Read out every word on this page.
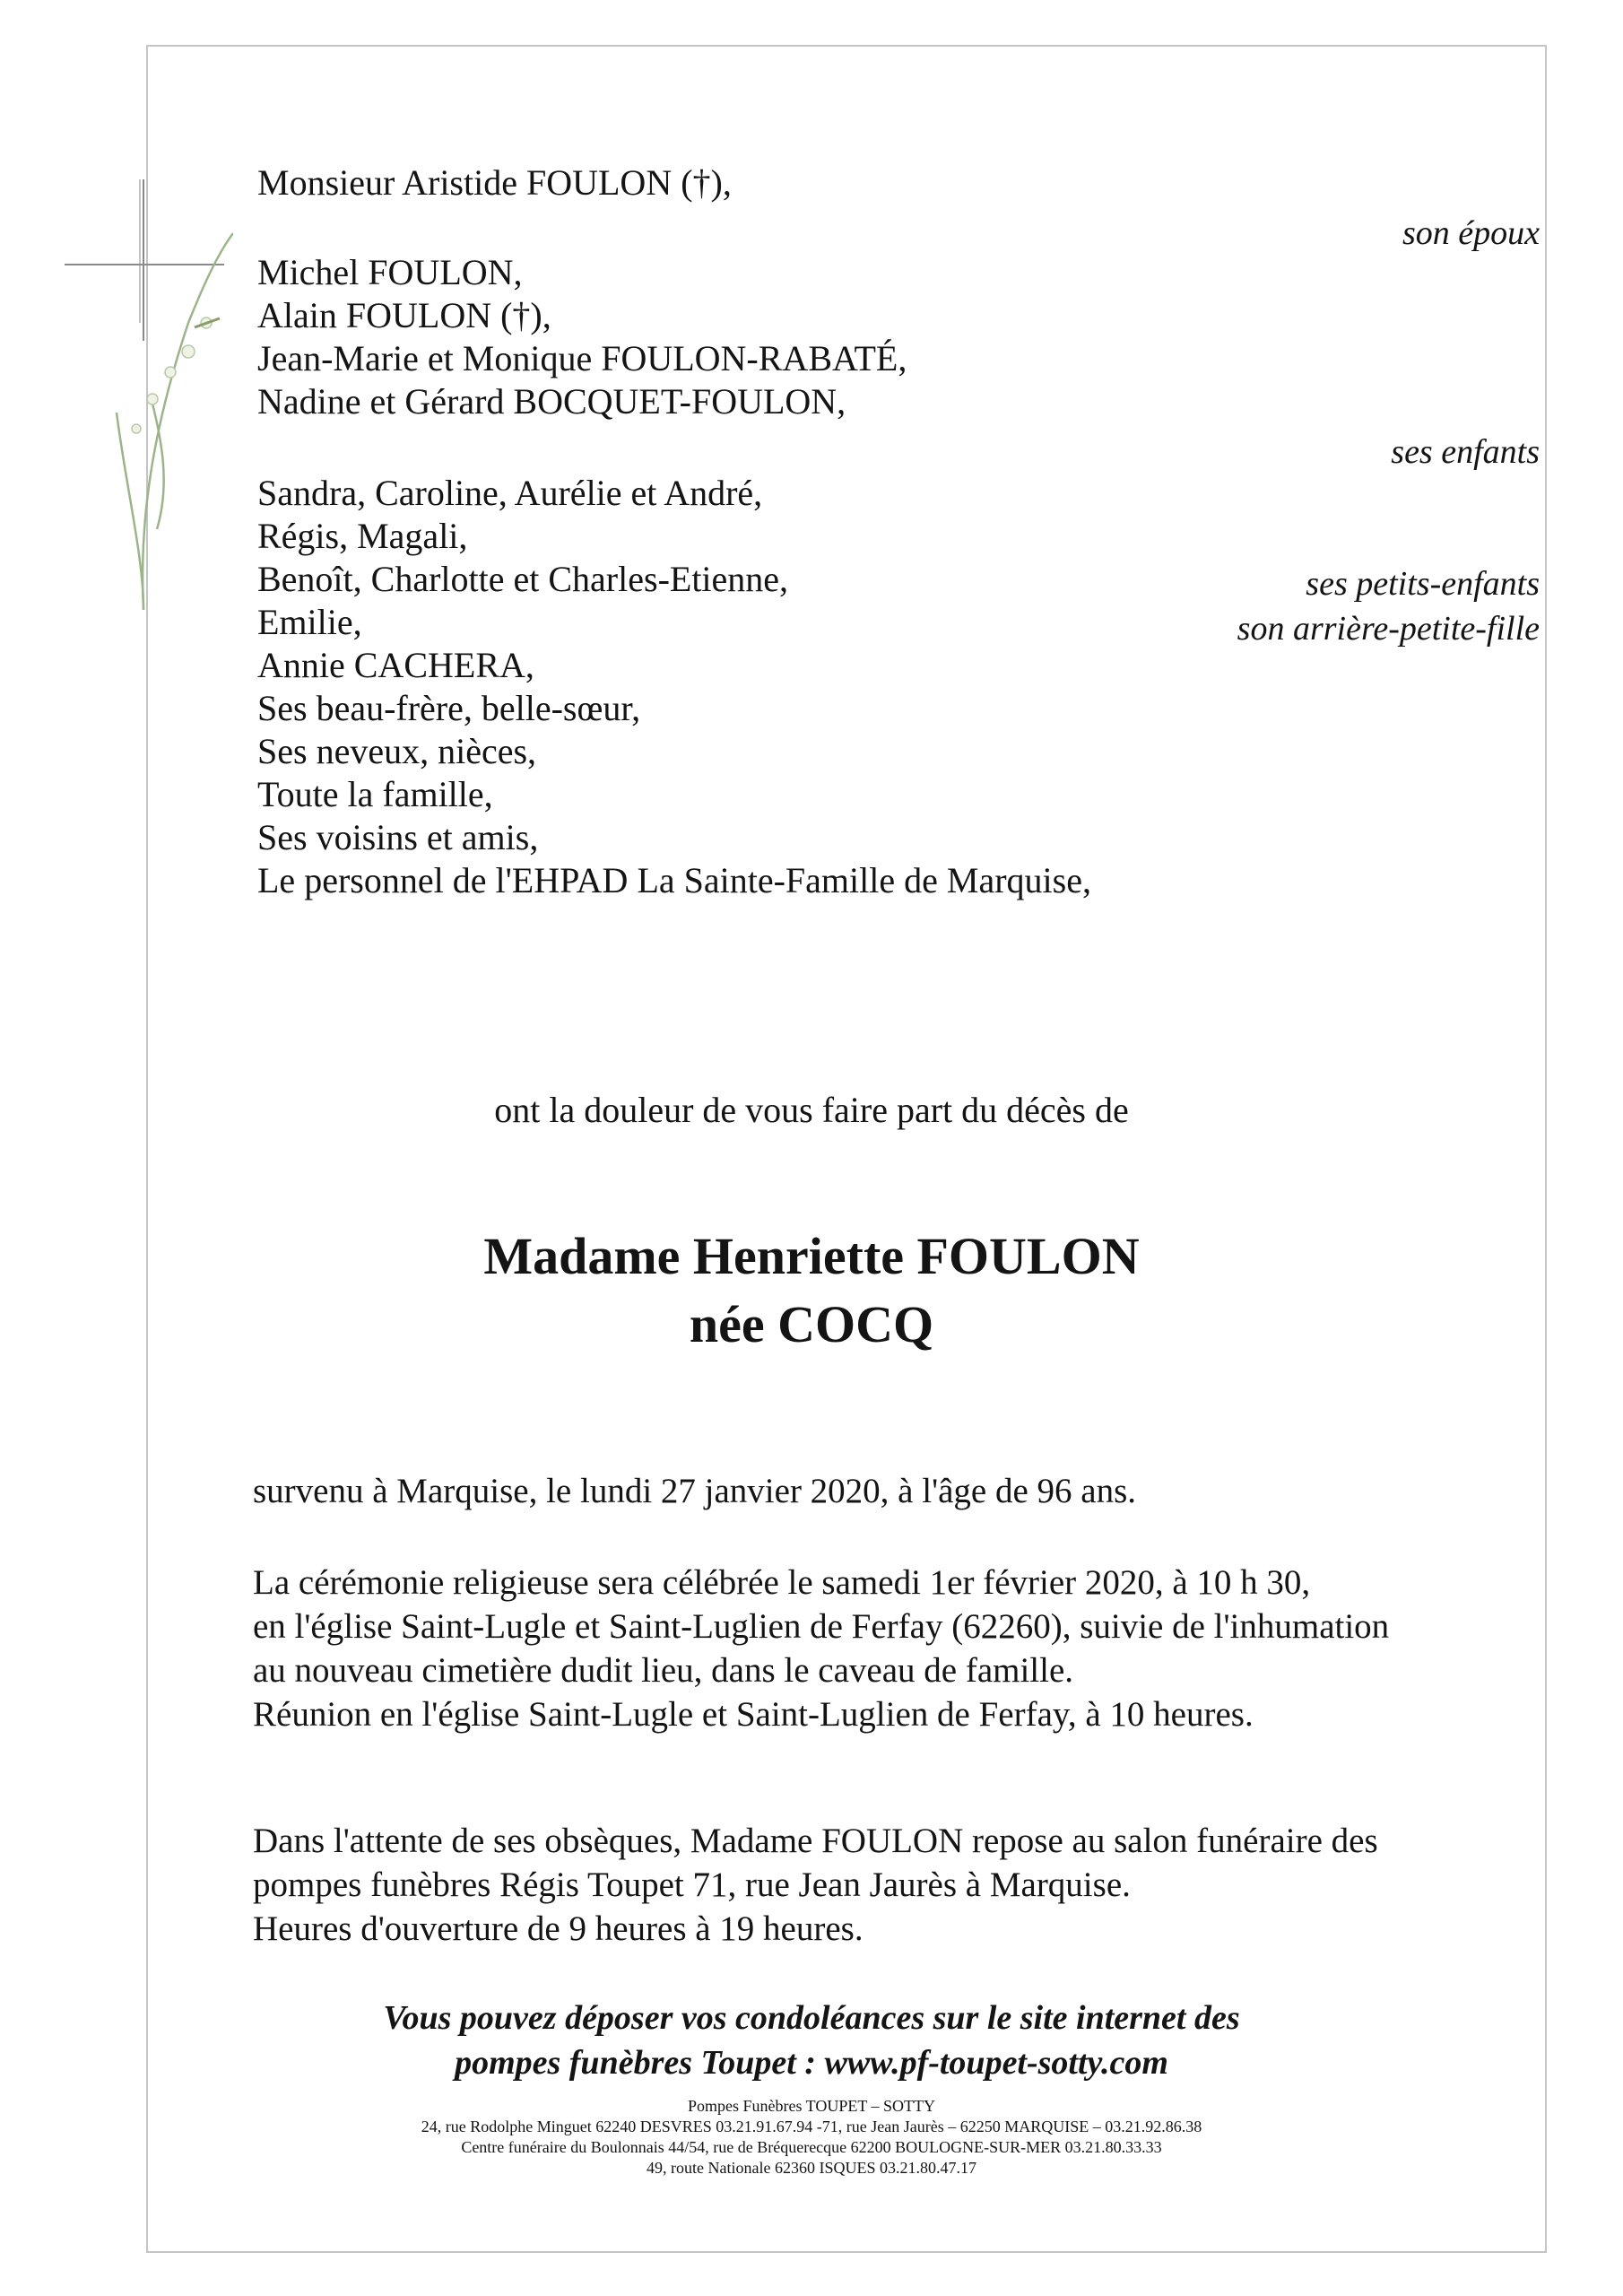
Monsieur Aristide FOULON (†),
Michel FOULON,
Alain FOULON (†),
Jean-Marie et Monique FOULON-RABATÉ,
Nadine et Gérard BOCQUET-FOULON,
Sandra, Caroline, Aurélie et André,
Régis, Magali,
Benoît, Charlotte et Charles-Etienne,
Emilie,
Annie CACHERA,
Ses beau-frère, belle-sœur,
Ses neveux, nièces,
Toute la famille,
Ses voisins et amis,
Le personnel de l'EHPAD La Sainte-Famille de Marquise,
son époux
ses enfants
ses petits-enfants
son arrière-petite-fille
ont la douleur de vous faire part du décès de
Madame Henriette FOULON
née COCQ
survenu à Marquise, le lundi 27 janvier 2020, à l'âge de 96 ans.
La cérémonie religieuse sera célébrée le samedi 1er février 2020, à 10 h 30,
en l'église Saint-Lugle et Saint-Luglien de Ferfay (62260), suivie de l'inhumation
au nouveau cimetière dudit lieu, dans le caveau de famille.
Réunion en l'église Saint-Lugle et Saint-Luglien de Ferfay, à 10 heures.
Dans l'attente de ses obsèques, Madame FOULON repose au salon funéraire des
pompes funèbres Régis Toupet 71, rue Jean Jaurès à Marquise.
Heures d'ouverture de 9 heures à 19 heures.
Vous pouvez déposer vos condoléances sur le site internet des
pompes funèbres Toupet : www.pf-toupet-sotty.com
Pompes Funèbres TOUPET – SOTTY
24, rue Rodolphe Minguet 62240 DESVRES 03.21.91.67.94 -71, rue Jean Jaurès – 62250 MARQUISE – 03.21.92.86.38
Centre funéraire du Boulonnais 44/54, rue de Bréquerecque 62200 BOULOGNE-SUR-MER 03.21.80.33.33
49, route Nationale 62360 ISQUES 03.21.80.47.17
